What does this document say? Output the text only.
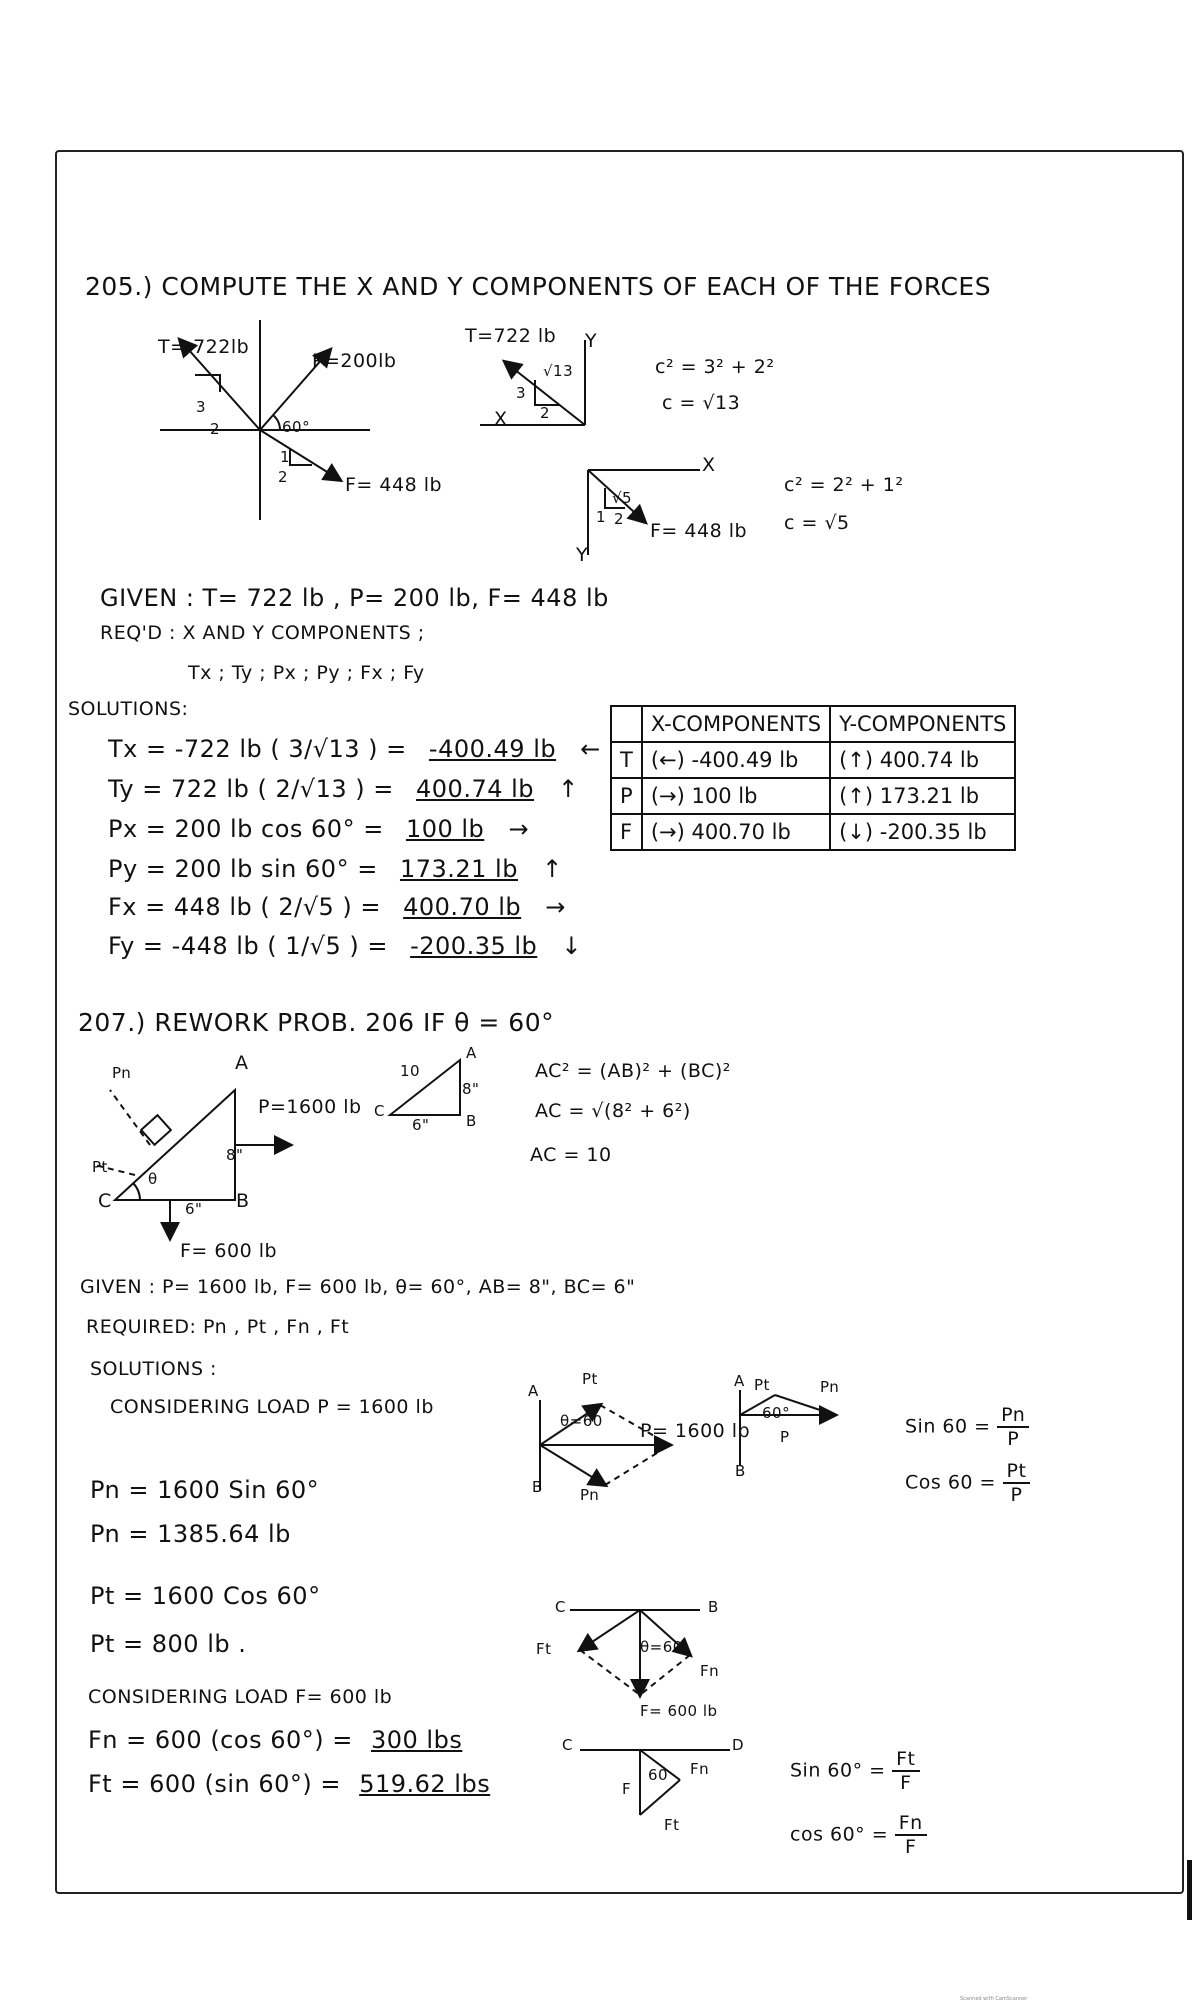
205.) COMPUTE THE X AND Y COMPONENTS OF EACH OF THE FORCES
T= 722lb
P=200lb
F= 448 lb
60°
3
2
2
1
T=722 lb Y
X
√13
3
2
c² = 3² + 2²
c = √13
X
Y
√5
2
1
F= 448 lb
c² = 2² + 1²
c = √5
GIVEN : T= 722 lb , P= 200 lb, F= 448 lb
REQ'D : X AND Y COMPONENTS ;
Tx ; Ty ; Px ; Py ; Fx ; Fy
SOLUTIONS:
Tx = -722 lb ( 3/√13 ) = -400.49 lb ←
Ty = 722 lb ( 2/√13 ) = 400.74 lb ↑
Px = 200 lb cos 60° = 100 lb →
Py = 200 lb sin 60° = 173.21 lb ↑
Fx = 448 lb ( 2/√5 ) = 400.70 lb →
Fy = -448 lb ( 1/√5 ) = -200.35 lb ↓
	X-COMPONENTS	Y-COMPONENTS
T	(←) -400.49 lb	(↑) 400.74 lb
P	(→) 100 lb	(↑) 173.21 lb
F	(→) 400.70 lb	(↓) -200.35 lb
207.) REWORK PROB. 206 IF θ = 60°
Pn
Pt
A
B
C
θ
P=1600 lb
F= 600 lb
8"
6"
10
8"
6"
C
A
B
AC² = (AB)² + (BC)²
AC = √(8² + 6²)
AC = 10
GIVEN : P= 1600 lb, F= 600 lb, θ= 60°, AB= 8", BC= 6"
REQUIRED: Pn , Pt , Fn , Ft
SOLUTIONS :
CONSIDERING LOAD P = 1600 lb
Pn = 1600 Sin 60°
Pn = 1385.64 lb
Pt = 1600 Cos 60°
Pt = 800 lb .
CONSIDERING LOAD F= 600 lb
Fn = 600 (cos 60°) = 300 lbs
Ft = 600 (sin 60°) = 519.62 lbs
A
B
Pt
Pn
θ=60 P= 1600 lb
A
B
Pt	Pn
60°
P	Sin $60 = \frac{Pn}{P}$
Cos $60 = \frac{Pt}{P}$
C	B
Ft
Fn
θ=60
F= 600 lb
C	D
F
Fn
Ft
60	Sin $60^\circ = \frac{Ft}{F}$
$\cos 60^\circ = \frac{Fn}{F}$
Scanned with CamScanner
